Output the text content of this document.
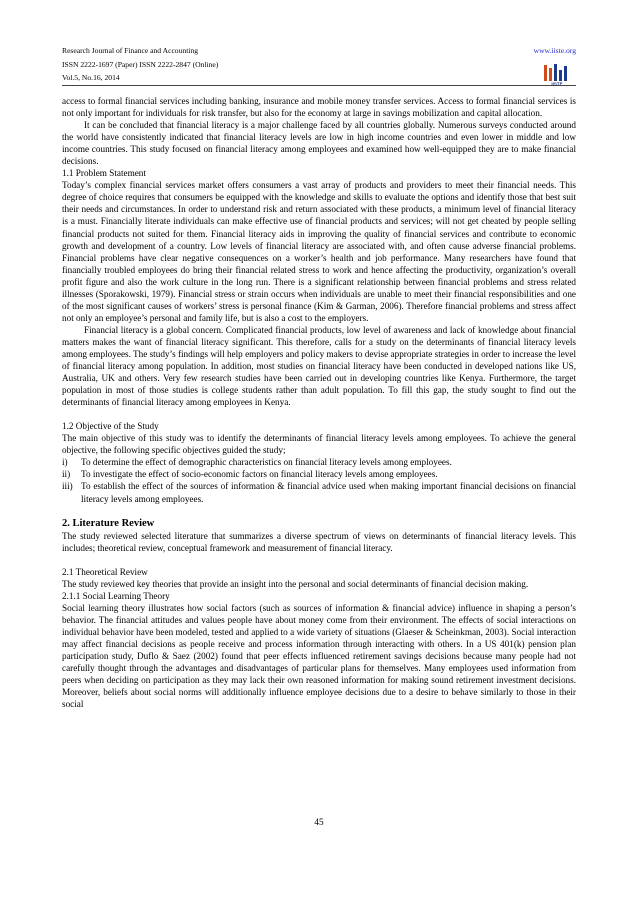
Research Journal of Finance and Accounting
ISSN 2222-1697 (Paper) ISSN 2222-2847 (Online)
Vol.5, No.16, 2014
www.iiste.org
IISTE

access to formal financial services including banking, insurance and mobile money transfer services. Access to formal financial services is not only important for individuals for risk transfer, but also for the economy at large in savings mobilization and capital allocation.

It can be concluded that financial literacy is a major challenge faced by all countries globally. Numerous surveys conducted around the world have consistently indicated that financial literacy levels are low in high income countries and even lower in middle and low income countries. This study focused on financial literacy among employees and examined how well-equipped they are to make financial decisions.

1.1 Problem Statement

Today’s complex financial services market offers consumers a vast array of products and providers to meet their financial needs. This degree of choice requires that consumers be equipped with the knowledge and skills to evaluate the options and identify those that best suit their needs and circumstances. In order to understand risk and return associated with these products, a minimum level of financial literacy is a must. Financially literate individuals can make effective use of financial products and services; will not get cheated by people selling financial products not suited for them. Financial literacy aids in improving the quality of financial services and contribute to economic growth and development of a country. Low levels of financial literacy are associated with, and often cause adverse financial problems. Financial problems have clear negative consequences on a worker’s health and job performance. Many researchers have found that financially troubled employees do bring their financial related stress to work and hence affecting the productivity, organization’s overall profit figure and also the work culture in the long run. There is a significant relationship between financial problems and stress related illnesses (Sporakowski, 1979). Financial stress or strain occurs when individuals are unable to meet their financial responsibilities and one of the most significant causes of workers’ stress is personal finance (Kim & Garman, 2006). Therefore financial problems and stress affect not only an employee’s personal and family life, but is also a cost to the employers.

Financial literacy is a global concern. Complicated financial products, low level of awareness and lack of knowledge about financial matters makes the want of financial literacy significant. This therefore, calls for a study on the determinants of financial literacy levels among employees. The study’s findings will help employers and policy makers to devise appropriate strategies in order to increase the level of financial literacy among population. In addition, most studies on financial literacy have been conducted in developed nations like US, Australia, UK and others. Very few research studies have been carried out in developing countries like Kenya. Furthermore, the target population in most of those studies is college students rather than adult population. To fill this gap, the study sought to find out the determinants of financial literacy among employees in Kenya.

1.2 Objective of the Study

The main objective of this study was to identify the determinants of financial literacy levels among employees. To achieve the general objective, the following specific objectives guided the study;

i)	To determine the effect of demographic characteristics on financial literacy levels among employees.
ii)	To investigate the effect of socio-economic factors on financial literacy levels among employees.
iii) To establish the effect of the sources of information & financial advice used when making important financial decisions on financial literacy levels among employees.

2. Literature Review

The study reviewed selected literature that summarizes a diverse spectrum of views on determinants of financial literacy levels. This includes; theoretical review, conceptual framework and measurement of financial literacy.

2.1 Theoretical Review

The study reviewed key theories that provide an insight into the personal and social determinants of financial decision making.

2.1.1 Social Learning Theory

Social learning theory illustrates how social factors (such as sources of information & financial advice) influence in shaping a person’s behavior. The financial attitudes and values people have about money come from their environment. The effects of social interactions on individual behavior have been modeled, tested and applied to a wide variety of situations (Glaeser & Scheinkman, 2003). Social interaction may affect financial decisions as people receive and process information through interacting with others. In a US 401(k) pension plan participation study, Duflo & Saez (2002) found that peer effects influenced retirement savings decisions because many people had not carefully thought through the advantages and disadvantages of particular plans for themselves. Many employees used information from peers when deciding on participation as they may lack their own reasoned information for making sound retirement investment decisions. Moreover, beliefs about social norms will additionally influence employee decisions due to a desire to behave similarly to those in their social

45
